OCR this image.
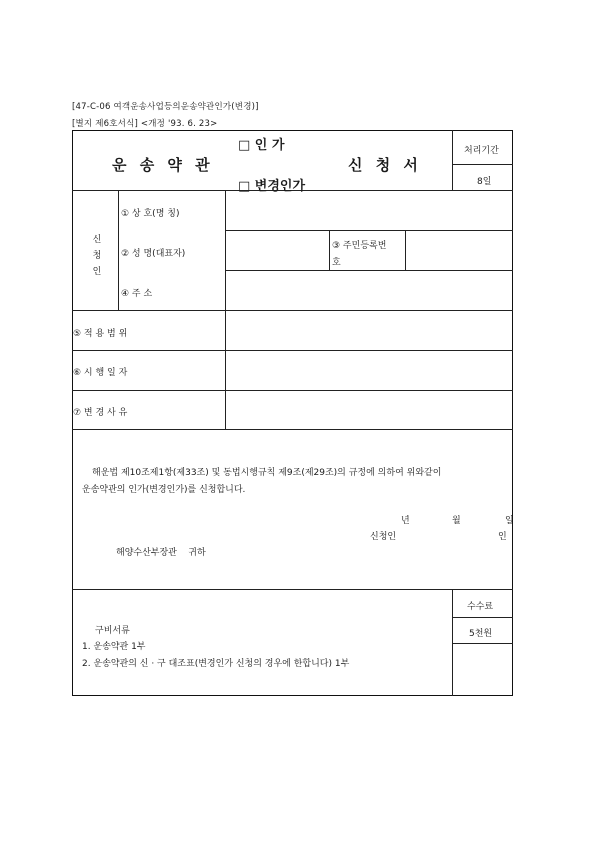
[47-C-06 여객운송사업등의운송약관인가(변경)]
[별지 제6호서식] <개정 '93. 6. 23>
운 송 약 관
□ 인 가
□ 변경인가
신 청 서
처리기간
8일
신
청
인
① 상 호(명 칭)
② 성 명(대표자)
③ 주민등록번
호
④ 주 소
⑤ 적 용 범 위
⑥ 시 행 일 자
⑦ 변 경 사 유
해운법 제10조제1항(제33조) 및 동법시행규칙 제9조(제29조)의 규정에 의하여 위와같이
운송약관의 인가(변경인가)를 신청합니다.
년	월	일
신청인	인
해양수산부장관    귀하
구비서류
1. 운송약관 1부
2. 운송약관의 신 · 구 대조표(변경인가 신청의 경우에 한합니다) 1부
수수료
5천원
